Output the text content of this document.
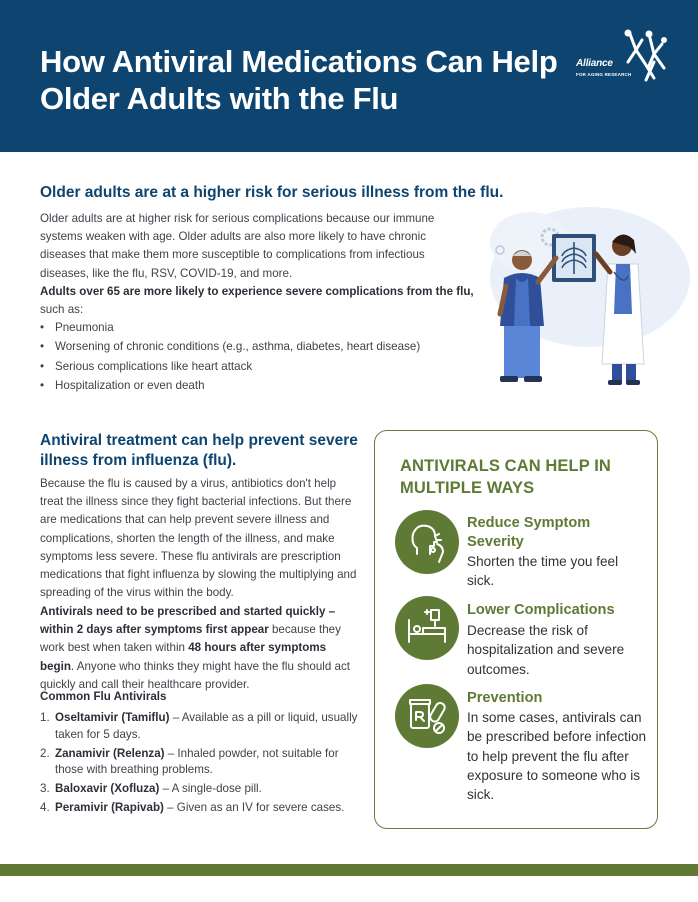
How Antiviral Medications Can Help Older Adults with the Flu
Alliance
FOR AGING RESEARCH
Older adults are at a higher risk for serious illness from the flu.

Older adults are at higher risk for serious complications because our immune systems weaken with age. Older adults are also more likely to have chronic diseases that make them more susceptible to complications from infectious diseases, like the flu, RSV, COVID-19, and more.

Adults over 65 are more likely to experience severe complications from the flu, such as:

• Pneumonia
• Worsening of chronic conditions (e.g., asthma, diabetes, heart disease)
• Serious complications like heart attack
• Hospitalization or even death
Antiviral treatment can help prevent severe illness from influenza (flu).

Because the flu is caused by a virus, antibiotics don't help treat the illness since they fight bacterial infections. But there are medications that can help prevent severe illness and complications, shorten the length of the illness, and make symptoms less severe. These flu antivirals are prescription medications that fight influenza by slowing the multiplying and spreading of the virus within the body.

Antivirals need to be prescribed and started quickly – within 2 days after symptoms first appear because they work best when taken within 48 hours after symptoms begin. Anyone who thinks they might have the flu should act quickly and call their healthcare provider.

Common Flu Antivirals
1. Oseltamivir (Tamiflu) – Available as a pill or liquid, usually taken for 5 days.
2. Zanamivir (Relenza) – Inhaled powder, not suitable for those with breathing problems.
3. Baloxavir (Xofluza) – A single-dose pill.
4. Peramivir (Rapivab) – Given as an IV for severe cases.
ANTIVIRALS CAN HELP IN MULTIPLE WAYS
Reduce Symptom Severity
Shorten the time you feel sick.
Lower Complications
Decrease the risk of hospitalization and severe outcomes.
Prevention
In some cases, antivirals can be prescribed before infection to help prevent the flu after exposure to someone who is sick.
